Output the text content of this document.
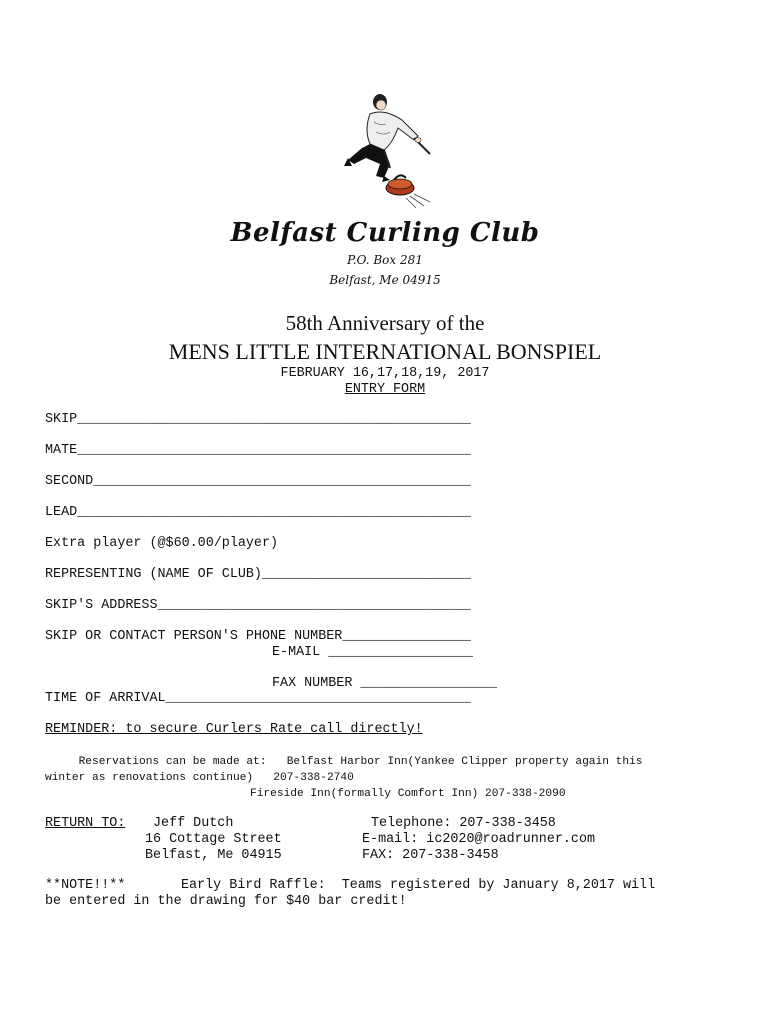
Belfast Curling Club
P.O. Box 281
Belfast, Me 04915
58th Anniversary of the
MENS LITTLE INTERNATIONAL BONSPIEL
FEBRUARY 16,17,18,19, 2017
ENTRY FORM
SKIP_________________________________________________
MATE_________________________________________________
SECOND_______________________________________________
LEAD_________________________________________________
Extra player (@$60.00/player)
REPRESENTING (NAME OF CLUB)__________________________
SKIP'S ADDRESS_______________________________________
SKIP OR CONTACT PERSON'S PHONE NUMBER________________
E-MAIL __________________
FAX NUMBER _________________
TIME OF ARRIVAL______________________________________
REMINDER: to secure Curlers Rate call directly!
Reservations can be made at:   Belfast Harbor Inn(Yankee Clipper property again this
winter as renovations continue)   207-338-2740
Fireside Inn(formally Comfort Inn) 207-338-2090
RETURN TO: Jeff Dutch
16 Cottage Street
Belfast, Me 04915
Telephone: 207-338-3458
E-mail: ic2020@roadrunner.com
FAX: 207-338-3458
**NOTE!!**	Early Bird Raffle:  Teams registered by January 8,2017 will
be entered in the drawing for $40 bar credit!
